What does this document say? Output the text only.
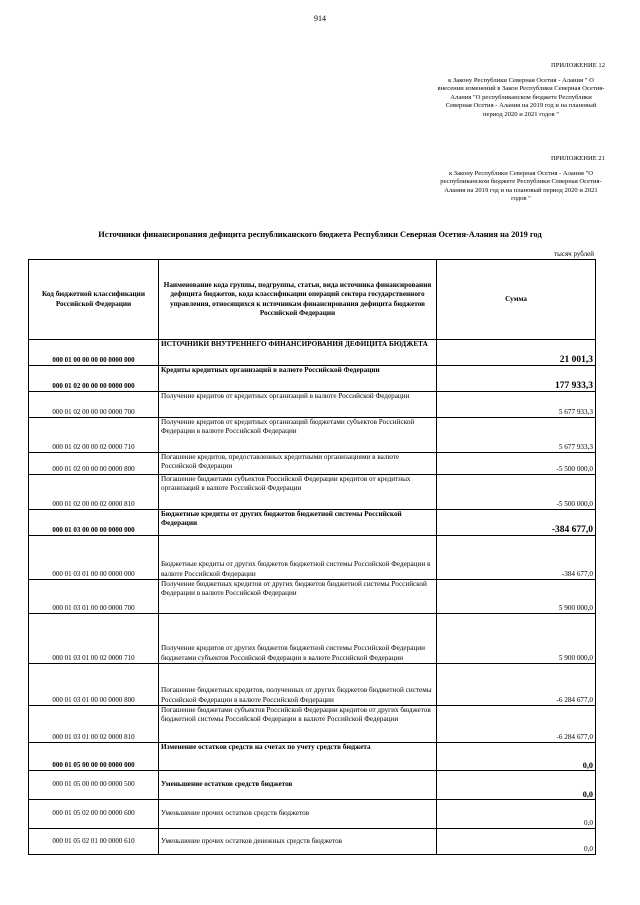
914
ПРИЛОЖЕНИЕ 12
к Закону Республики Северная Осетия - Алания " О внесении изменений в Закон Республики Северная Осетия-Алания "О республиканском бюджете Республики Северная Осетия - Алания на 2019 год и на плановый период 2020 и 2021 годов "
ПРИЛОЖЕНИЕ 21
к Закону Республики Северная Осетия - Алания "О республиканском бюджете Республики Северная Осетия-Алания на 2019 год и на плановый период 2020 и 2021 годов "
Источники финансирования дефицита республиканского бюджета Республики Северная Осетия-Алания на 2019 год
тысяч рублей
Код бюджетной классификации Российской Федерации	Наименование кода группы, подгруппы, статьи, вида источника финансирования дефицита бюджетов, кода классификации операций сектора государственного управления, относящихся к источникам финансирования дефицита бюджетов Российской Федерации	Сумма
000 01 00 00 00 00 0000 000	ИСТОЧНИКИ ВНУТРЕННЕГО ФИНАНСИРОВАНИЯ ДЕФИЦИТА БЮДЖЕТА	21 001,3
000 01 02 00 00 00 0000 000	Кредиты кредитных организаций в валюте Российской Федерации	177 933,3
000 01 02 00 00 00 0000 700	Получение кредитов от кредитных организаций в валюте Российской Федерации	5 677 933,3
000 01 02 00 00 02 0000 710	Получение кредитов от кредитных организаций бюджетами субъектов Российской Федерации в валюте Российской Федерации	5 677 933,3
000 01 02 00 00 00 0000 800	Погашение кредитов, предоставленных кредитными организациями в валюте Российской Федерации	-5 500 000,0
000 01 02 00 00 02 0000 810	Погашение бюджетами субъектов Российской Федерации кредитов от кредитных организаций в валюте Российской Федерации	-5 500 000,0
000 01 03 00 00 00 0000 000	Бюджетные кредиты от других бюджетов бюджетной системы Российской Федерации	-384 677,0
000 01 03 01 00 00 0000 000	Бюджетные кредиты от других бюджетов бюджетной системы Российской Федерации в валюте Российской Федерации	-384 677,0
000 01 03 01 00 00 0000 700	Получение бюджетных кредитов от других бюджетов бюджетной системы Российской Федерации в валюте Российской Федерации	5 900 000,0
000 01 03 01 00 02 0000 710	Получение кредитов от других бюджетов бюджетной системы Российской Федерации бюджетами субъектов Российской Федерации в валюте Российской Федерации	5 900 000,0
000 01 03 01 00 00 0000 800	Погашение бюджетных кредитов, полученных от других бюджетов бюджетной системы Российской Федерации в валюте Российской Федерации	-6 284 677,0
000 01 03 01 00 02 0000 810	Погашение бюджетами субъектов Российской Федерации кредитов от других бюджетов бюджетной системы Российской Федерации в валюте Российской Федерации	-6 284 677,0
000 01 05 00 00 00 0000 000	Изменение остатков средств на счетах по учету средств бюджета	0,0
000 01 05 00 00 00 0000 500	Уменьшение остатков средств бюджетов	0,0
000 01 05 02 00 00 0000 600	Уменьшение прочих остатков средств бюджетов	0,0
000 01 05 02 01 00 0000 610	Уменьшение прочих остатков денежных средств бюджетов	0,0
